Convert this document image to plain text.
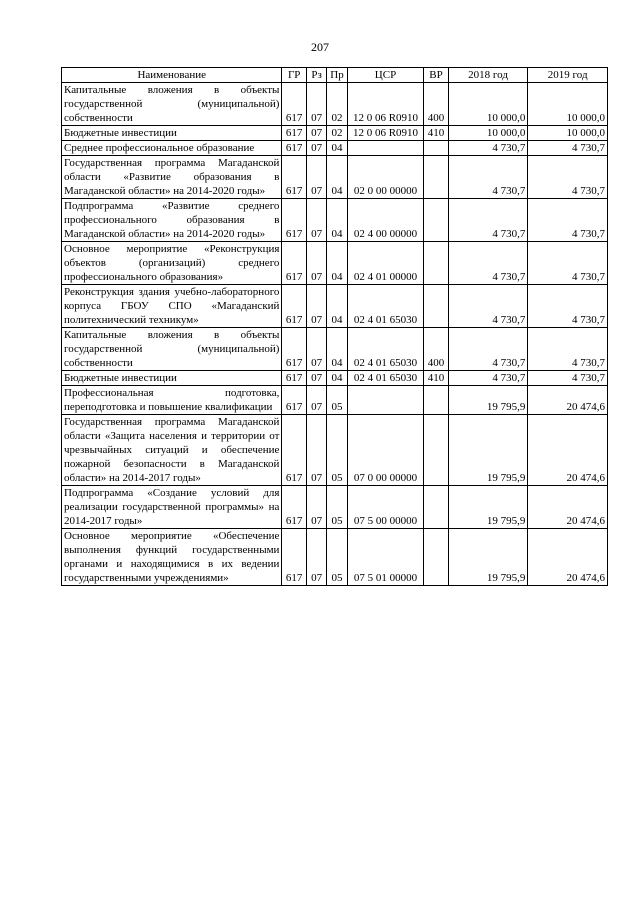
207
Наименование	ГР	Рз	Пр	ЦСР	ВР	2018 год	2019 год
Капитальные вложения в объекты государственной (муниципальной) собственности	617	07	02	12 0 06 R0910	400	10 000,0	10 000,0
Бюджетные инвестиции	617	07	02	12 0 06 R0910	410	10 000,0	10 000,0
Среднее профессиональное образование	617	07	04			4 730,7	4 730,7
Государственная программа Магаданской области «Развитие образования в Магаданской области» на 2014-2020 годы»	617	07	04	02 0 00 00000		4 730,7	4 730,7
Подпрограмма «Развитие среднего профессионального образования в Магаданской области» на 2014-2020 годы»	617	07	04	02 4 00 00000		4 730,7	4 730,7
Основное мероприятие «Реконструкция объектов (организаций) среднего профессионального образования»	617	07	04	02 4 01 00000		4 730,7	4 730,7
Реконструкция здания учебно-лабораторного корпуса ГБОУ СПО «Магаданский политехнический техникум»	617	07	04	02 4 01 65030		4 730,7	4 730,7
Капитальные вложения в объекты государственной (муниципальной) собственности	617	07	04	02 4 01 65030	400	4 730,7	4 730,7
Бюджетные инвестиции	617	07	04	02 4 01 65030	410	4 730,7	4 730,7
Профессиональная подготовка, переподготовка и повышение квалификации	617	07	05			19 795,9	20 474,6
Государственная программа Магаданской области «Защита населения и территории от чрезвычайных ситуаций и обеспечение пожарной безопасности в Магаданской области» на 2014-2017 годы»	617	07	05	07 0 00 00000		19 795,9	20 474,6
Подпрограмма «Создание условий для реализации государственной программы» на 2014-2017 годы»	617	07	05	07 5 00 00000		19 795,9	20 474,6
Основное мероприятие «Обеспечение выполнения функций государственными органами и находящимися в их ведении государственными учреждениями»	617	07	05	07 5 01 00000		19 795,9	20 474,6
